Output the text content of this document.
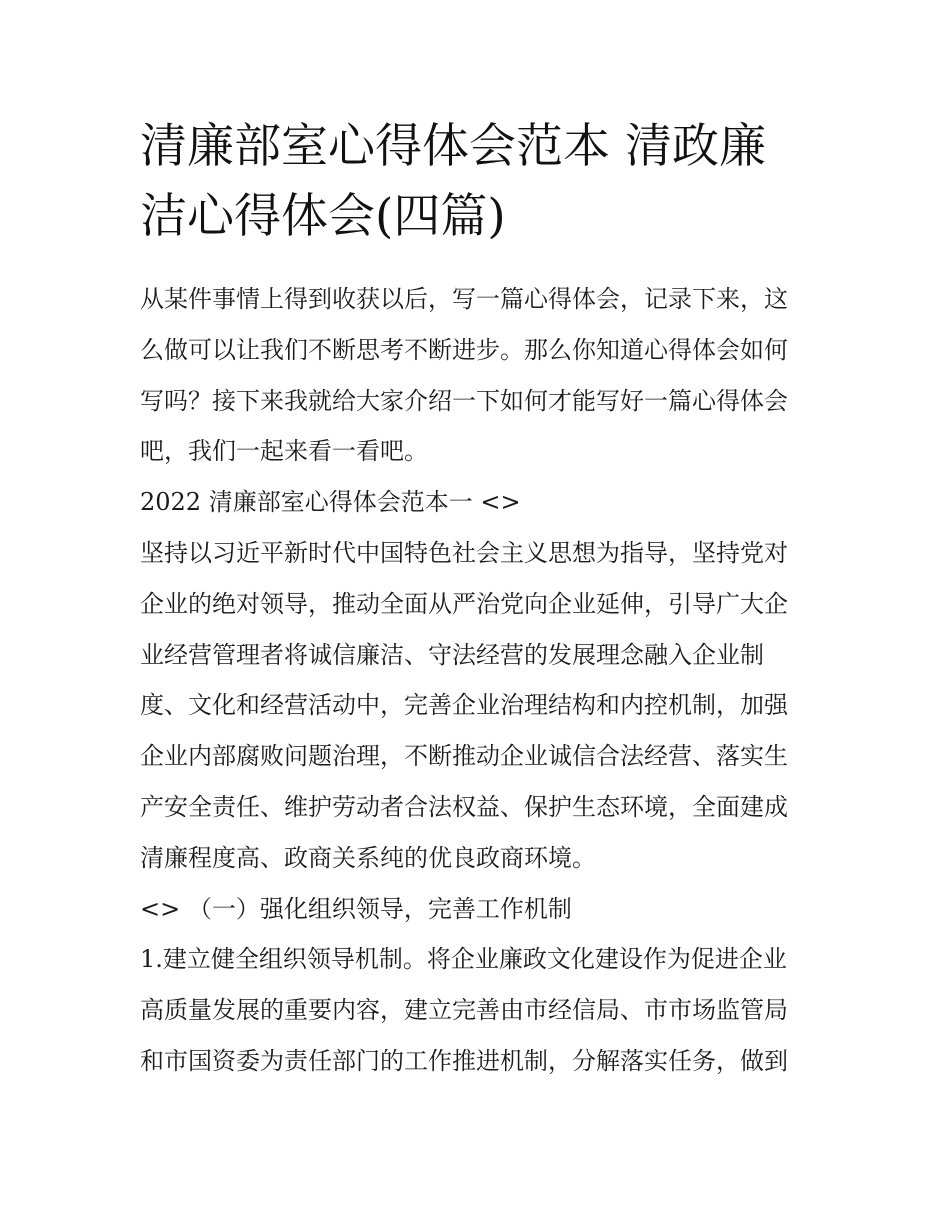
清廉部室心得体会范本 清政廉
洁心得体会(四篇)
从某件事情上得到收获以后，写一篇心得体会，记录下来，这
么做可以让我们不断思考不断进步。那么你知道心得体会如何
写吗？接下来我就给大家介绍一下如何才能写好一篇心得体会
吧，我们一起来看一看吧。
2022 清廉部室心得体会范本一 <>
坚持以习近平新时代中国特色社会主义思想为指导，坚持党对
企业的绝对领导，推动全面从严治党向企业延伸，引导广大企
业经营管理者将诚信廉洁、守法经营的发展理念融入企业制
度、文化和经营活动中，完善企业治理结构和内控机制，加强
企业内部腐败问题治理，不断推动企业诚信合法经营、落实生
产安全责任、维护劳动者合法权益、保护生态环境，全面建成
清廉程度高、政商关系纯的优良政商环境。
<> （一）强化组织领导，完善工作机制
1.建立健全组织领导机制。将企业廉政文化建设作为促进企业
高质量发展的重要内容，建立完善由市经信局、市市场监管局
和市国资委为责任部门的工作推进机制，分解落实任务，做到
